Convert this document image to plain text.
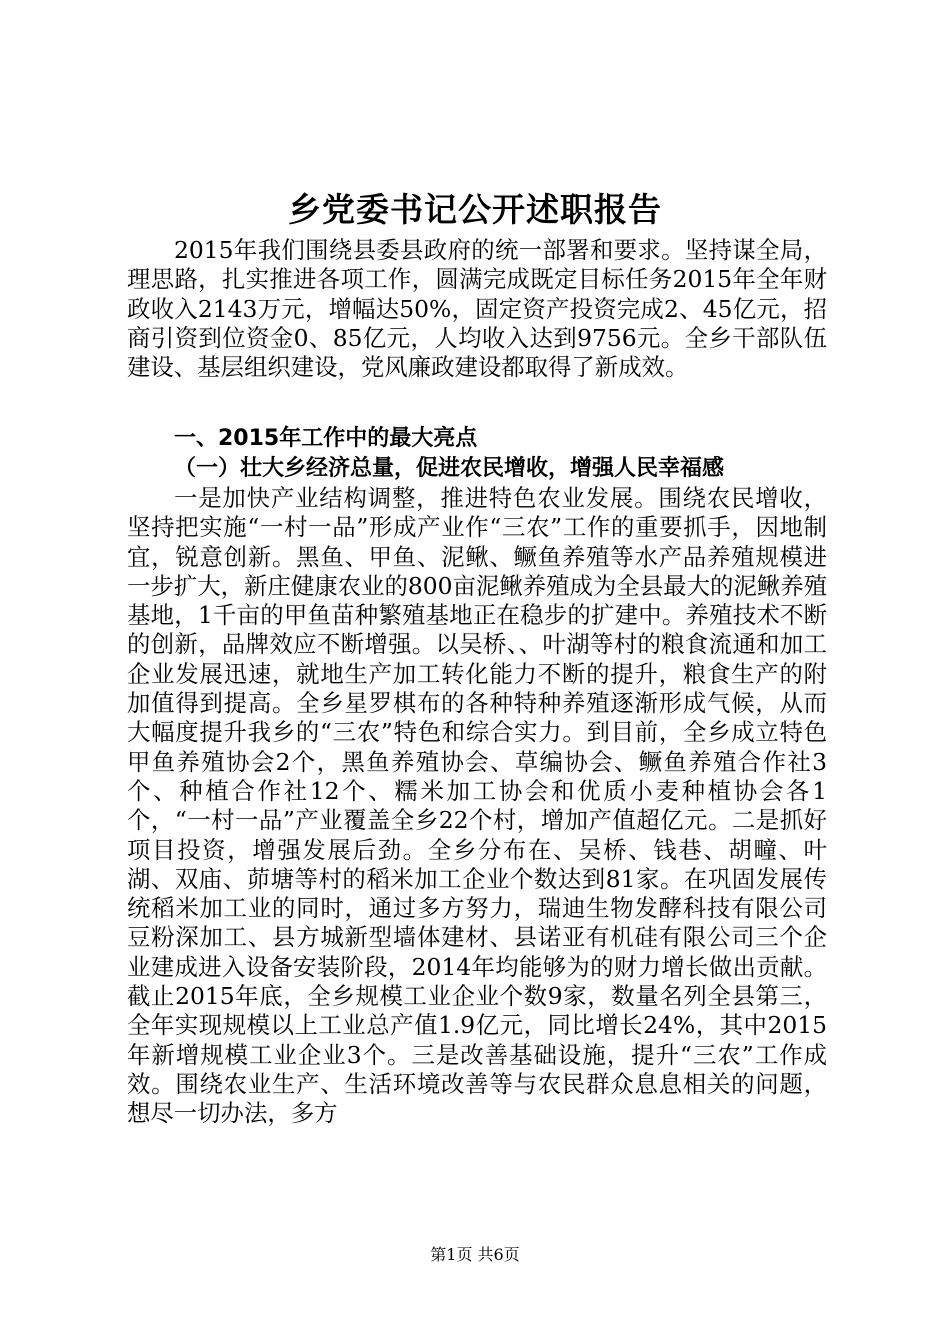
乡党委书记公开述职报告

2015年我们围绕县委县政府的统一部署和要求。坚持谋全局，理思路，扎实推进各项工作，圆满完成既定目标任务2015年全年财政收入2143万元，增幅达50%，固定资产投资完成2、45亿元，招商引资到位资金0、85亿元，人均收入达到9756元。全乡干部队伍建设、基层组织建设，党风廉政建设都取得了新成效。

一、2015年工作中的最大亮点
（一）壮大乡经济总量，促进农民增收，增强人民幸福感

一是加快产业结构调整，推进特色农业发展。围绕农民增收，坚持把实施“一村一品”形成产业作“三农”工作的重要抓手，因地制宜，锐意创新。黑鱼、甲鱼、泥鳅、鳜鱼养殖等水产品养殖规模进一步扩大，新庄健康农业的800亩泥鳅养殖成为全县最大的泥鳅养殖基地，1千亩的甲鱼苗种繁殖基地正在稳步的扩建中。养殖技术不断的创新，品牌效应不断增强。以吴桥、、叶湖等村的粮食流通和加工企业发展迅速，就地生产加工转化能力不断的提升，粮食生产的附加值得到提高。全乡星罗棋布的各种特种养殖逐渐形成气候，从而大幅度提升我乡的“三农”特色和综合实力。到目前，全乡成立特色甲鱼养殖协会2个，黑鱼养殖协会、草编协会、鳜鱼养殖合作社3个、种植合作社12个、糯米加工协会和优质小麦种植协会各1个，“一村一品”产业覆盖全乡22个村，增加产值超亿元。二是抓好项目投资，增强发展后劲。全乡分布在、吴桥、钱巷、胡疃、叶湖、双庙、茆塘等村的稻米加工企业个数达到81家。在巩固发展传统稻米加工业的同时，通过多方努力，瑞迪生物发酵科技有限公司豆粉深加工、县方城新型墙体建材、县诺亚有机硅有限公司三个企业建成进入设备安装阶段，2014年均能够为的财力增长做出贡献。截止2015年底，全乡规模工业企业个数9家，数量名列全县第三，全年实现规模以上工业总产值1.9亿元，同比增长24%，其中2015年新增规模工业企业3个。三是改善基础设施，提升“三农”工作成效。围绕农业生产、生活环境改善等与农民群众息息相关的问题，想尽一切办法，多方

第1页 共6页
